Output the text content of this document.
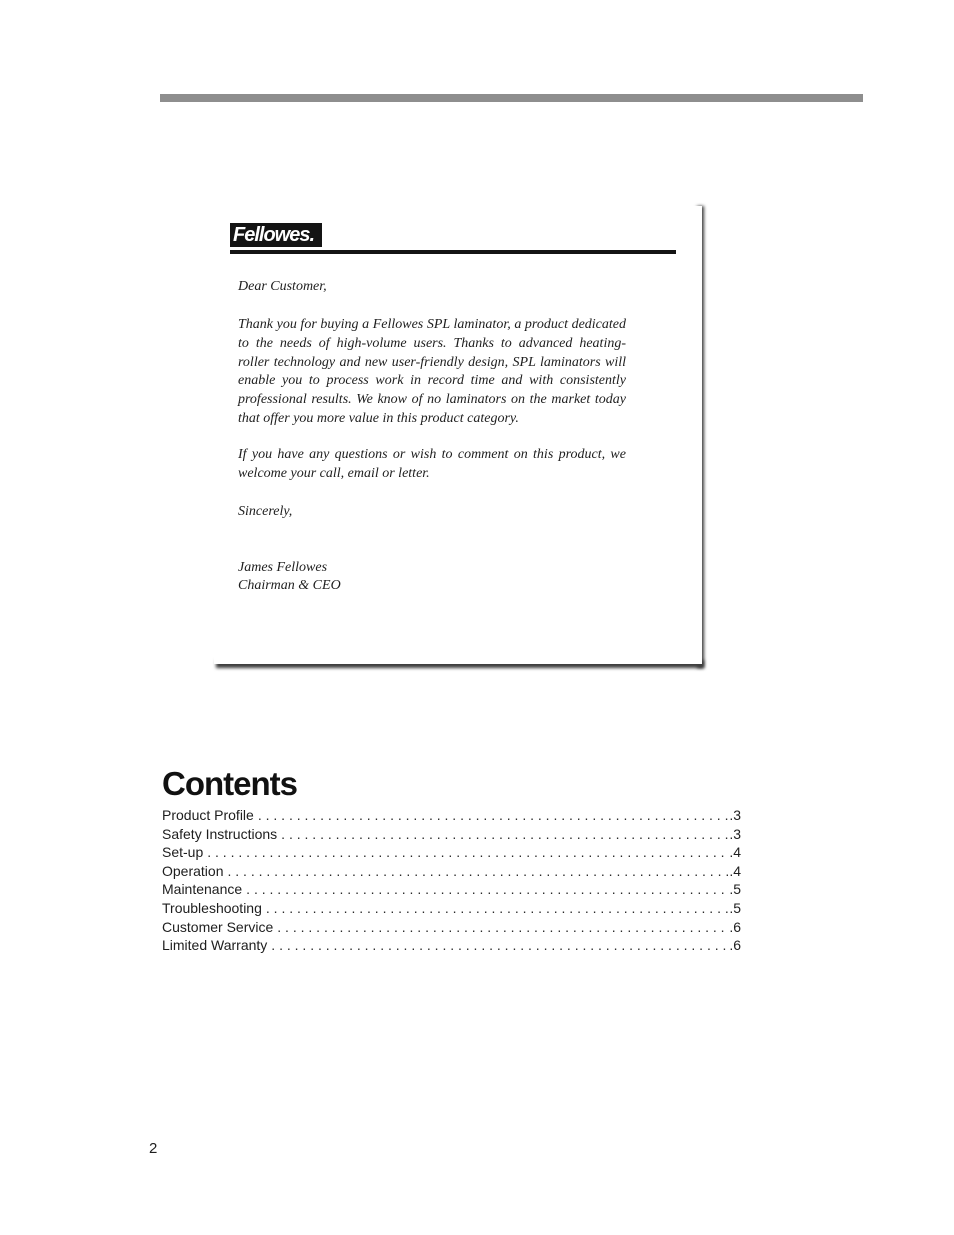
Fellowes.

Dear Customer,

Thank you for buying a Fellowes SPL laminator, a product dedicated to the needs of high-volume users. Thanks to advanced heating-roller technology and new user-friendly design, SPL laminators will enable you to process work in record time and with consistently professional results. We know of no laminators on the market today that offer you more value in this product category.

If you have any questions or wish to comment on this product, we welcome your call, email or letter.

Sincerely,

James Fellowes

Chairman & CEO

Contents
Product Profile . . .	.3
Safety Instructions . . .	.3
Set-up . . .	.4
Operation . . .	.4
Maintenance . . .	.5
Troubleshooting . . .	.5
Customer Service . . .	.6
Limited Warranty . . .	.6
2
